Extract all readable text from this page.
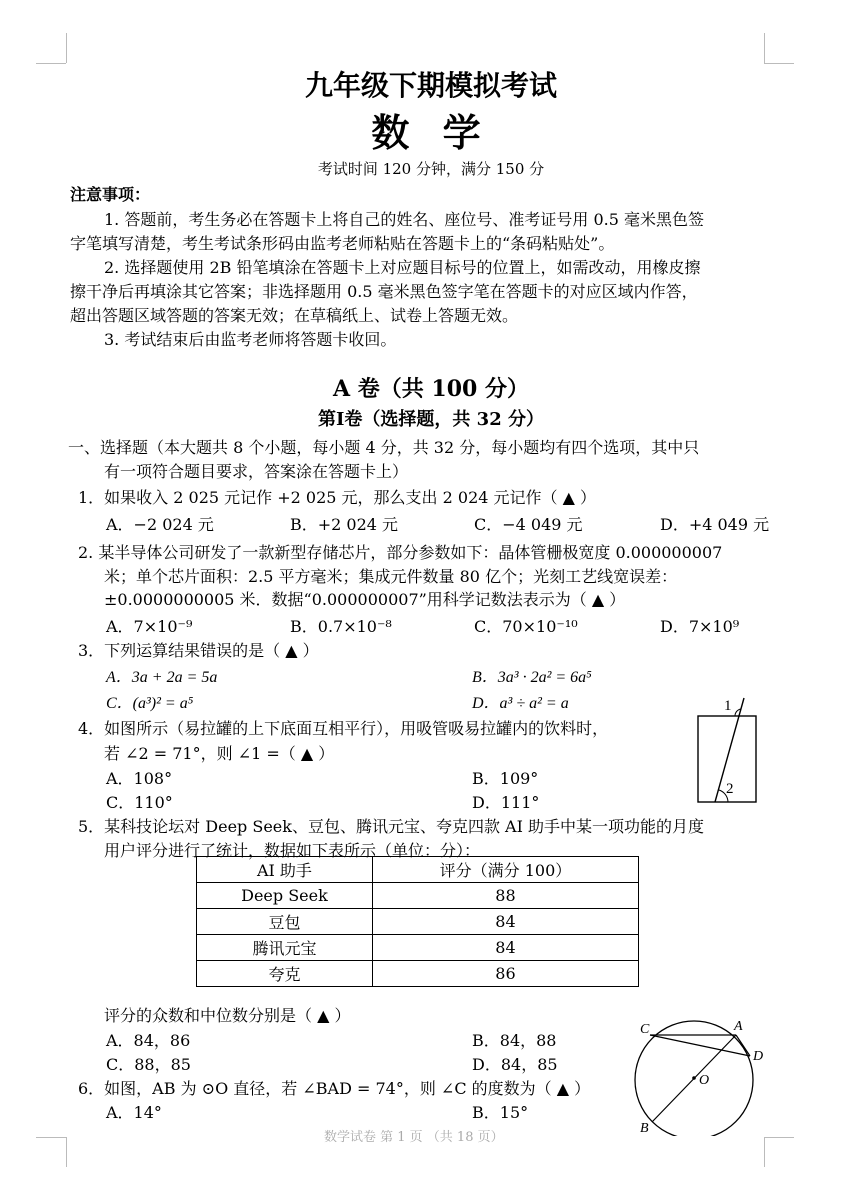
九年级下期模拟考试
数 学
考试时间 120 分钟，满分 150 分
注意事项：
1. 答题前，考生务必在答题卡上将自己的姓名、座位号、准考证号用 0.5 毫米黑色签
字笔填写清楚，考生考试条形码由监考老师粘贴在答题卡上的“条码粘贴处”。
2. 选择题使用 2B 铅笔填涂在答题卡上对应题目标号的位置上，如需改动，用橡皮擦
擦干净后再填涂其它答案；非选择题用 0.5 毫米黑色签字笔在答题卡的对应区域内作答，
超出答题区域答题的答案无效；在草稿纸上、试卷上答题无效。
3. 考试结束后由监考老师将答题卡收回。
A 卷（共 100 分）
第Ⅰ卷（选择题，共 32 分）
一、选择题（本大题共 8 个小题，每小题 4 分，共 32 分，每小题均有四个选项，其中只
有一项符合题目要求，答案涂在答题卡上）
1．如果收入 2 025 元记作 +2 025 元，那么支出 2 024 元记作（ ▲ ）
A．−2 024 元	B．+2 024 元	C．−4 049 元	D．+4 049 元
2. 某半导体公司研发了一款新型存储芯片，部分参数如下：晶体管栅极宽度 0.000000007
米；单个芯片面积：2.5 平方毫米；集成元件数量 80 亿个；光刻工艺线宽误差：
±0.0000000005 米．数据“0.000000007”用科学记数法表示为（ ▲ ）
A．7×10⁻⁹	B．0.7×10⁻⁸	C．70×10⁻¹⁰	D．7×10⁹
3．下列运算结果错误的是（ ▲ ）
A．3a + 2a = 5a	B．3a³ · 2a² = 6a⁵
C．(a³)² = a⁵	D．a³ ÷ a² = a
4．如图所示（易拉罐的上下底面互相平行），用吸管吸易拉罐内的饮料时，
若 ∠2 = 71°，则 ∠1 =（ ▲ ）
A．108°	B．109°
C．110°	D．111°
1
2
5．某科技论坛对 Deep Seek、豆包、腾讯元宝、夸克四款 AI 助手中某一项功能的月度
用户评分进行了统计，数据如下表所示（单位：分）：
AI 助手	评分（满分 100）
Deep Seek	88
豆包	84
腾讯元宝	84
夸克	86
评分的众数和中位数分别是（ ▲ ）
A．84，86	B．84，88
C．88，85	D．84，85
6．如图，AB 为 ⊙O 直径，若 ∠BAD = 74°，则 ∠C 的度数为（ ▲ ）
A．14°	B．15°
C	A
D
O
B
数学试卷 第 1 页 （共 18 页）
